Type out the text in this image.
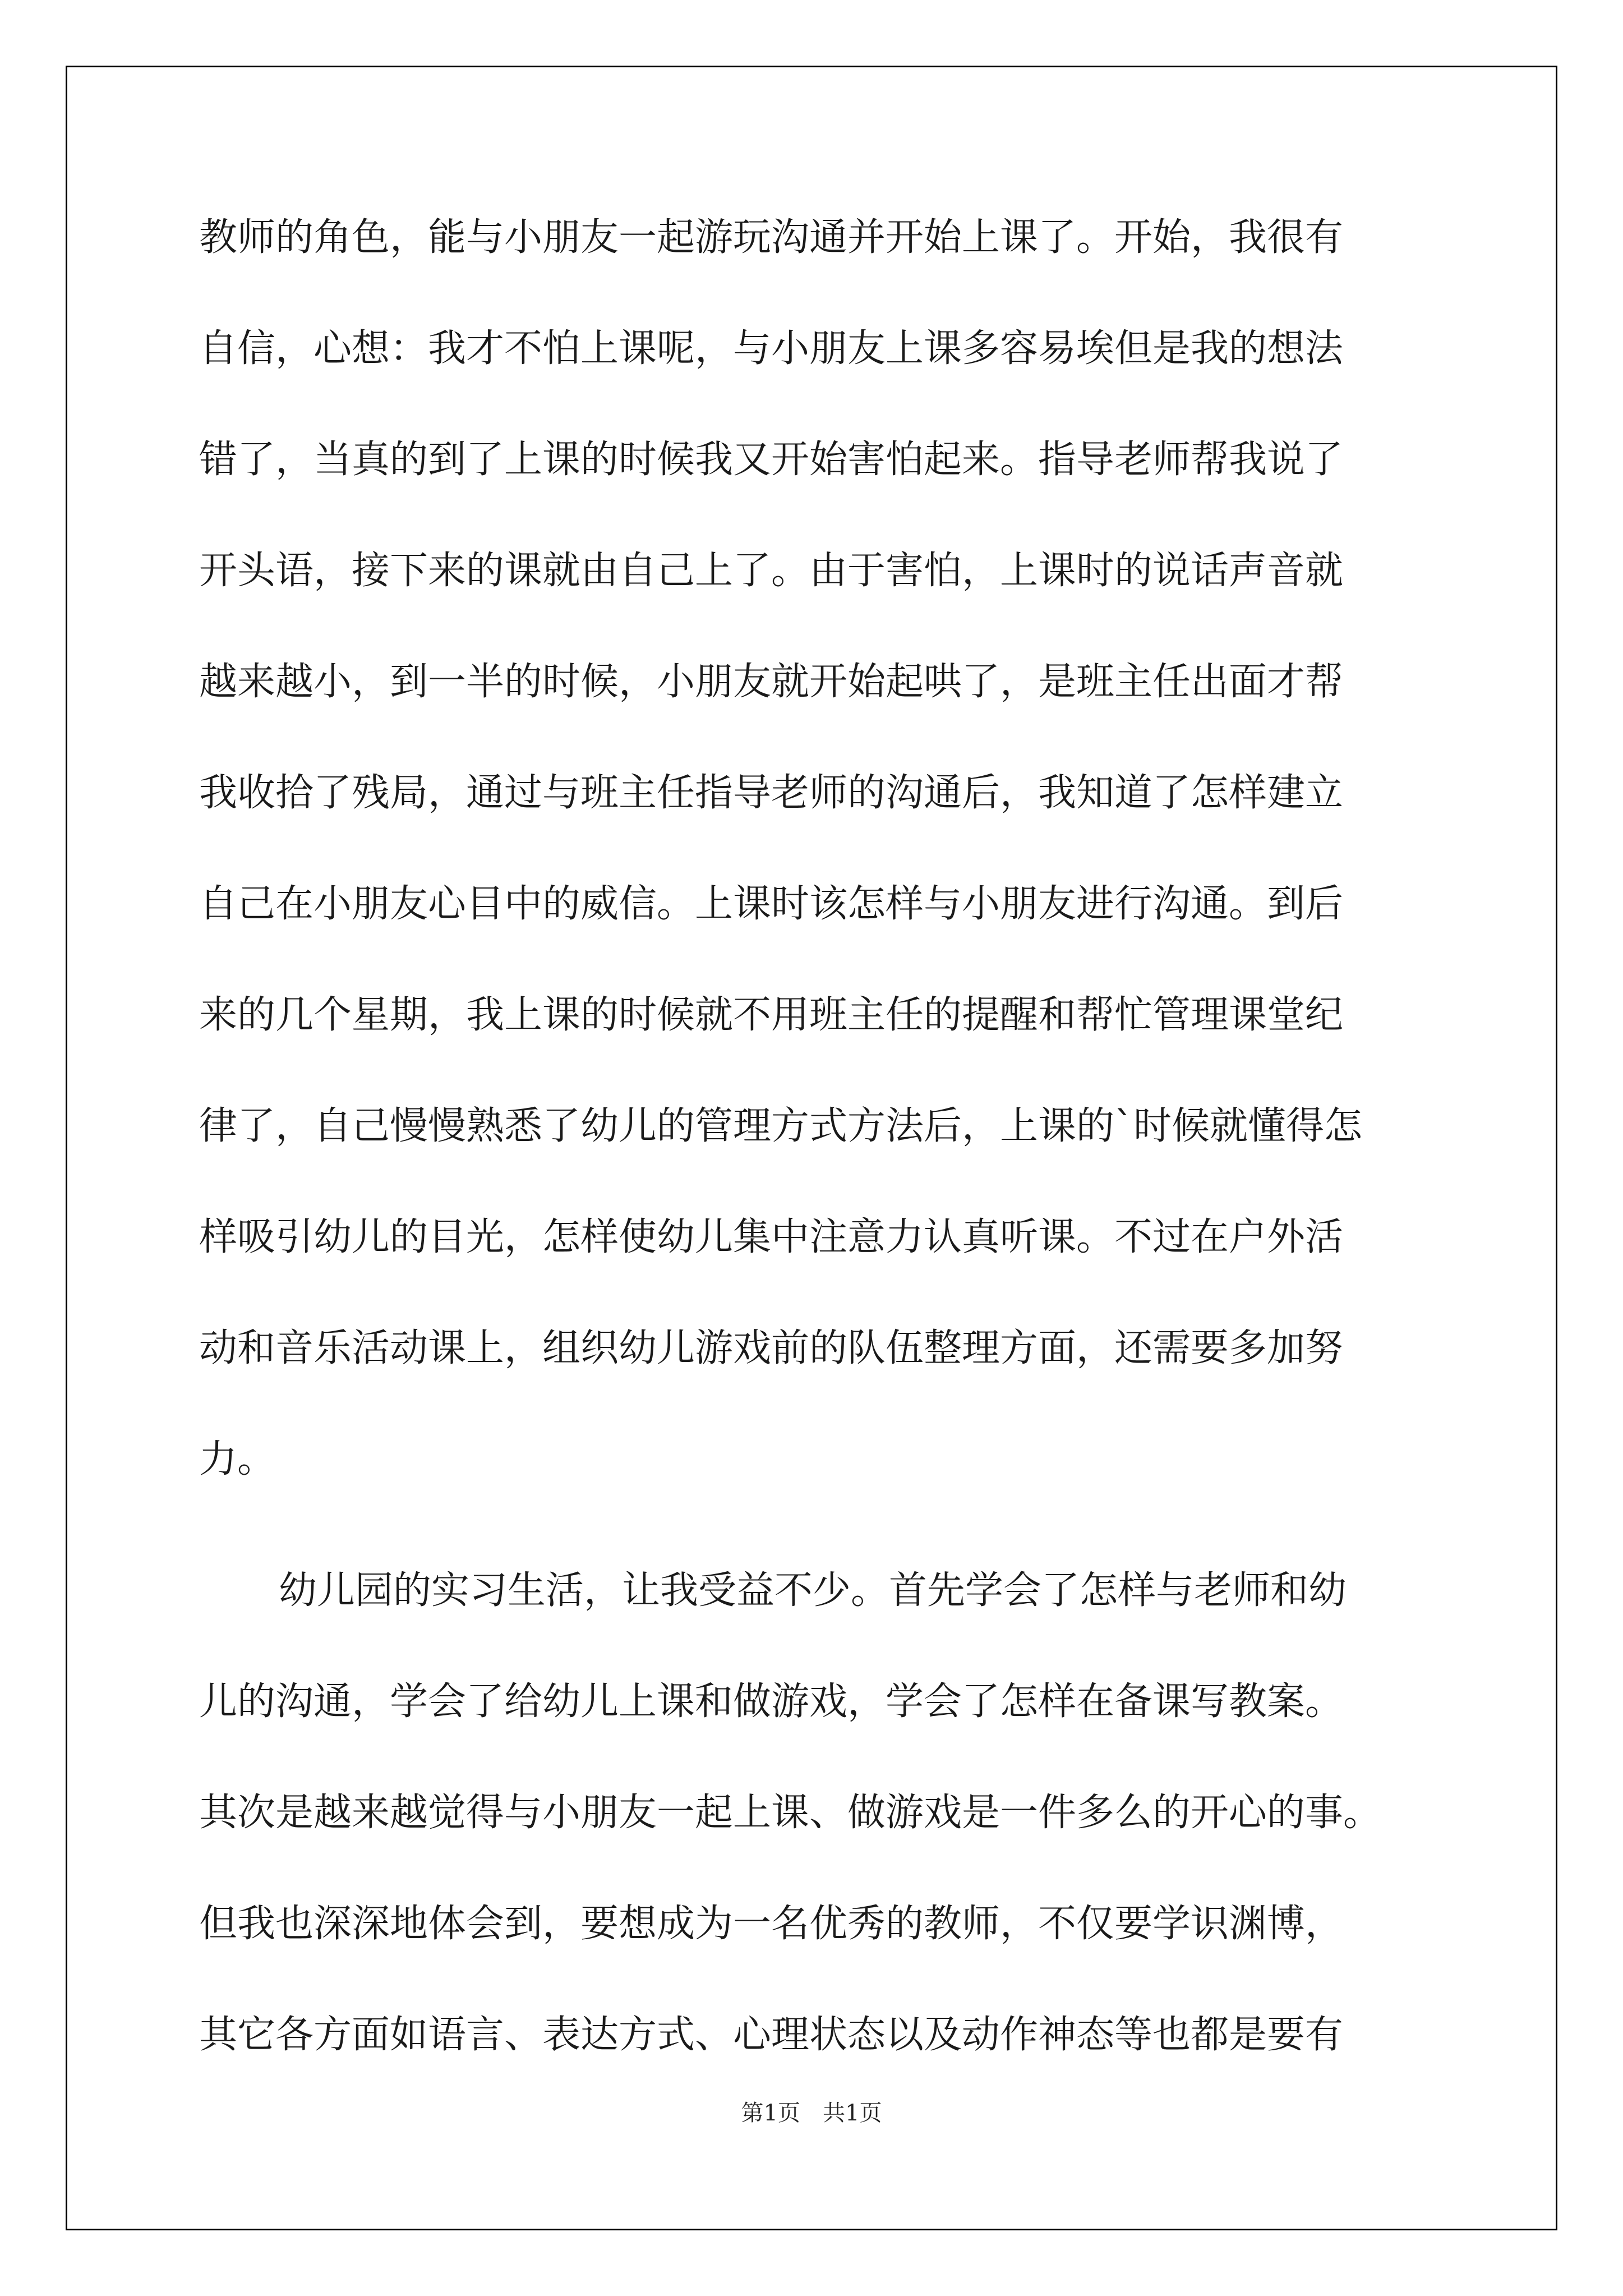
教师的角色，能与小朋友一起游玩沟通并开始上课了。开始，我很有
自信，心想：我才不怕上课呢，与小朋友上课多容易埃但是我的想法
错了，当真的到了上课的时候我又开始害怕起来。指导老师帮我说了
开头语，接下来的课就由自己上了。由于害怕，上课时的说话声音就
越来越小，到一半的时候，小朋友就开始起哄了，是班主任出面才帮
我收拾了残局，通过与班主任指导老师的沟通后，我知道了怎样建立
自己在小朋友心目中的威信。上课时该怎样与小朋友进行沟通。到后
来的几个星期，我上课的时候就不用班主任的提醒和帮忙管理课堂纪
律了，自己慢慢熟悉了幼儿的管理方式方法后，上课的`时候就懂得怎
样吸引幼儿的目光，怎样使幼儿集中注意力认真听课。不过在户外活
动和音乐活动课上，组织幼儿游戏前的队伍整理方面，还需要多加努
力。
幼儿园的实习生活，让我受益不少。首先学会了怎样与老师和幼
儿的沟通，学会了给幼儿上课和做游戏，学会了怎样在备课写教案。
其次是越来越觉得与小朋友一起上课、做游戏是一件多么的开心的事。
但我也深深地体会到，要想成为一名优秀的教师，不仅要学识渊博，
其它各方面如语言、表达方式、心理状态以及动作神态等也都是要有
第1页　共1页
